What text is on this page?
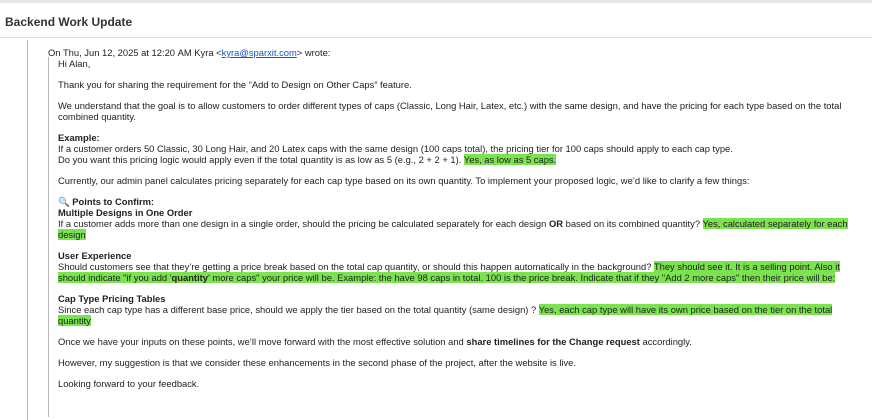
Backend Work Update
On Thu, Jun 12, 2025 at 12:20 AM Kyra <kyra@sparxit.com> wrote:

Hi Alan,

Thank you for sharing the requirement for the “Add to Design on Other Caps” feature.

We understand that the goal is to allow customers to order different types of caps (Classic, Long Hair, Latex, etc.) with the same design, and have the pricing for each type based on the total combined quantity.

Example:
If a customer orders 50 Classic, 30 Long Hair, and 20 Latex caps with the same design (100 caps total), the pricing tier for 100 caps should apply to each cap type.
Do you want this pricing logic would apply even if the total quantity is as low as 5 (e.g., 2 + 2 + 1). Yes, as low as 5 caps.

Currently, our admin panel calculates pricing separately for each cap type based on its own quantity. To implement your proposed logic, we’d like to clarify a few things:

🔍 Points to Confirm:
Multiple Designs in One Order
If a customer adds more than one design in a single order, should the pricing be calculated separately for each design OR based on its combined quantity? Yes, calculated separately for each design

User Experience
Should customers see that they’re getting a price break based on the total cap quantity, or should this happen automatically in the background? They should see it. It is a selling point. Also it should indicate "if you add 'quantity' more caps" your price will be. Example: the have 98 caps in total. 100 is the price break. Indicate that if they "Add 2 more caps" then their price will be:

Cap Type Pricing Tables
Since each cap type has a different base price, should we apply the tier based on the total quantity (same design) ? Yes, each cap type will have its own price based on the tier on the total quantity

Once we have your inputs on these points, we’ll move forward with the most effective solution and share timelines for the Change request accordingly.

However, my suggestion is that we consider these enhancements in the second phase of the project, after the website is live.

Looking forward to your feedback.
